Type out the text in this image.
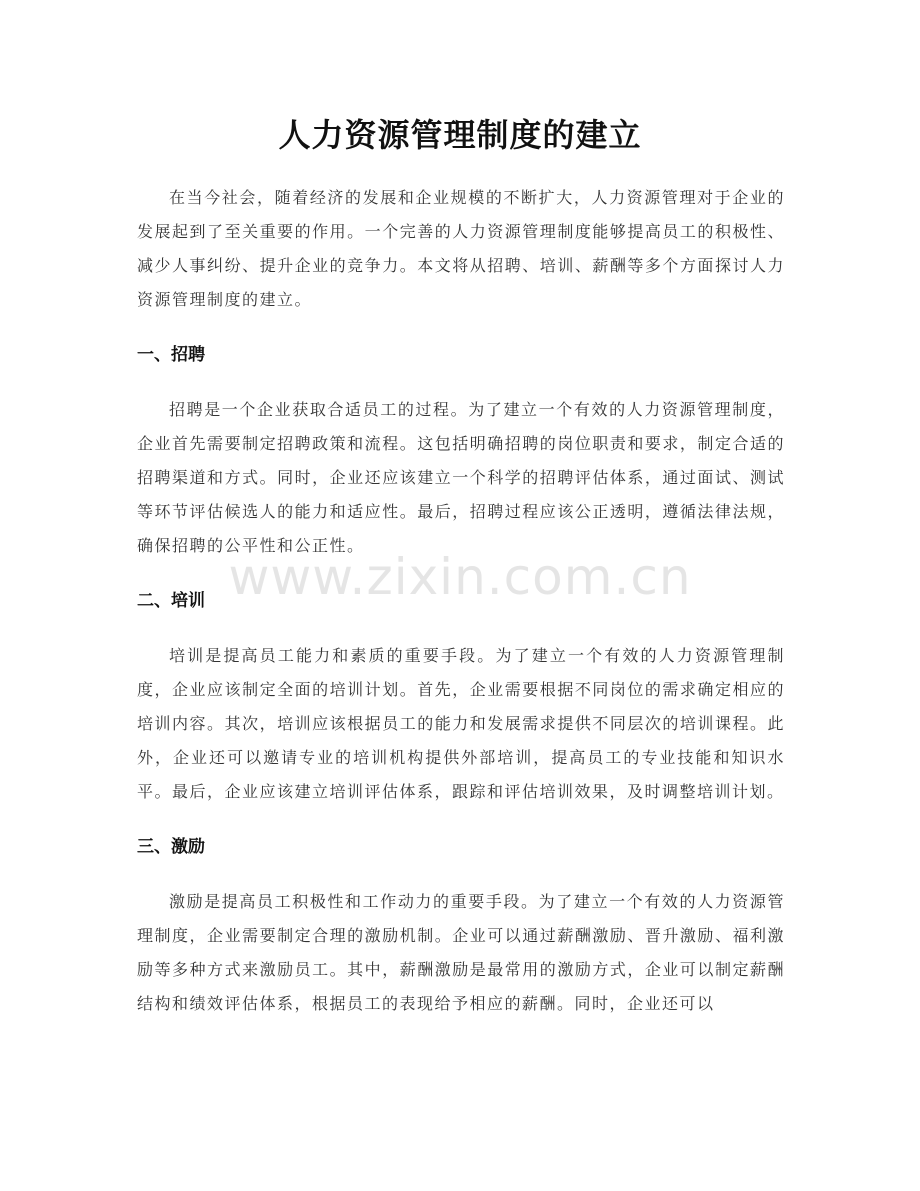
人力资源管理制度的建立

在当今社会，随着经济的发展和企业规模的不断扩大，人力资源管理对于企业的发展起到了至关重要的作用。一个完善的人力资源管理制度能够提高员工的积极性、减少人事纠纷、提升企业的竞争力。本文将从招聘、培训、薪酬等多个方面探讨人力资源管理制度的建立。

一、招聘

招聘是一个企业获取合适员工的过程。为了建立一个有效的人力资源管理制度，企业首先需要制定招聘政策和流程。这包括明确招聘的岗位职责和要求，制定合适的招聘渠道和方式。同时，企业还应该建立一个科学的招聘评估体系，通过面试、测试等环节评估候选人的能力和适应性。最后，招聘过程应该公正透明，遵循法律法规，确保招聘的公平性和公正性。

二、培训

培训是提高员工能力和素质的重要手段。为了建立一个有效的人力资源管理制度，企业应该制定全面的培训计划。首先，企业需要根据不同岗位的需求确定相应的培训内容。其次，培训应该根据员工的能力和发展需求提供不同层次的培训课程。此外，企业还可以邀请专业的培训机构提供外部培训，提高员工的专业技能和知识水平。最后，企业应该建立培训评估体系，跟踪和评估培训效果，及时调整培训计划。

三、激励

激励是提高员工积极性和工作动力的重要手段。为了建立一个有效的人力资源管理制度，企业需要制定合理的激励机制。企业可以通过薪酬激励、晋升激励、福利激励等多种方式来激励员工。其中，薪酬激励是最常用的激励方式，企业可以制定薪酬结构和绩效评估体系，根据员工的表现给予相应的薪酬。同时，企业还可以

www.zixin.com.cn
